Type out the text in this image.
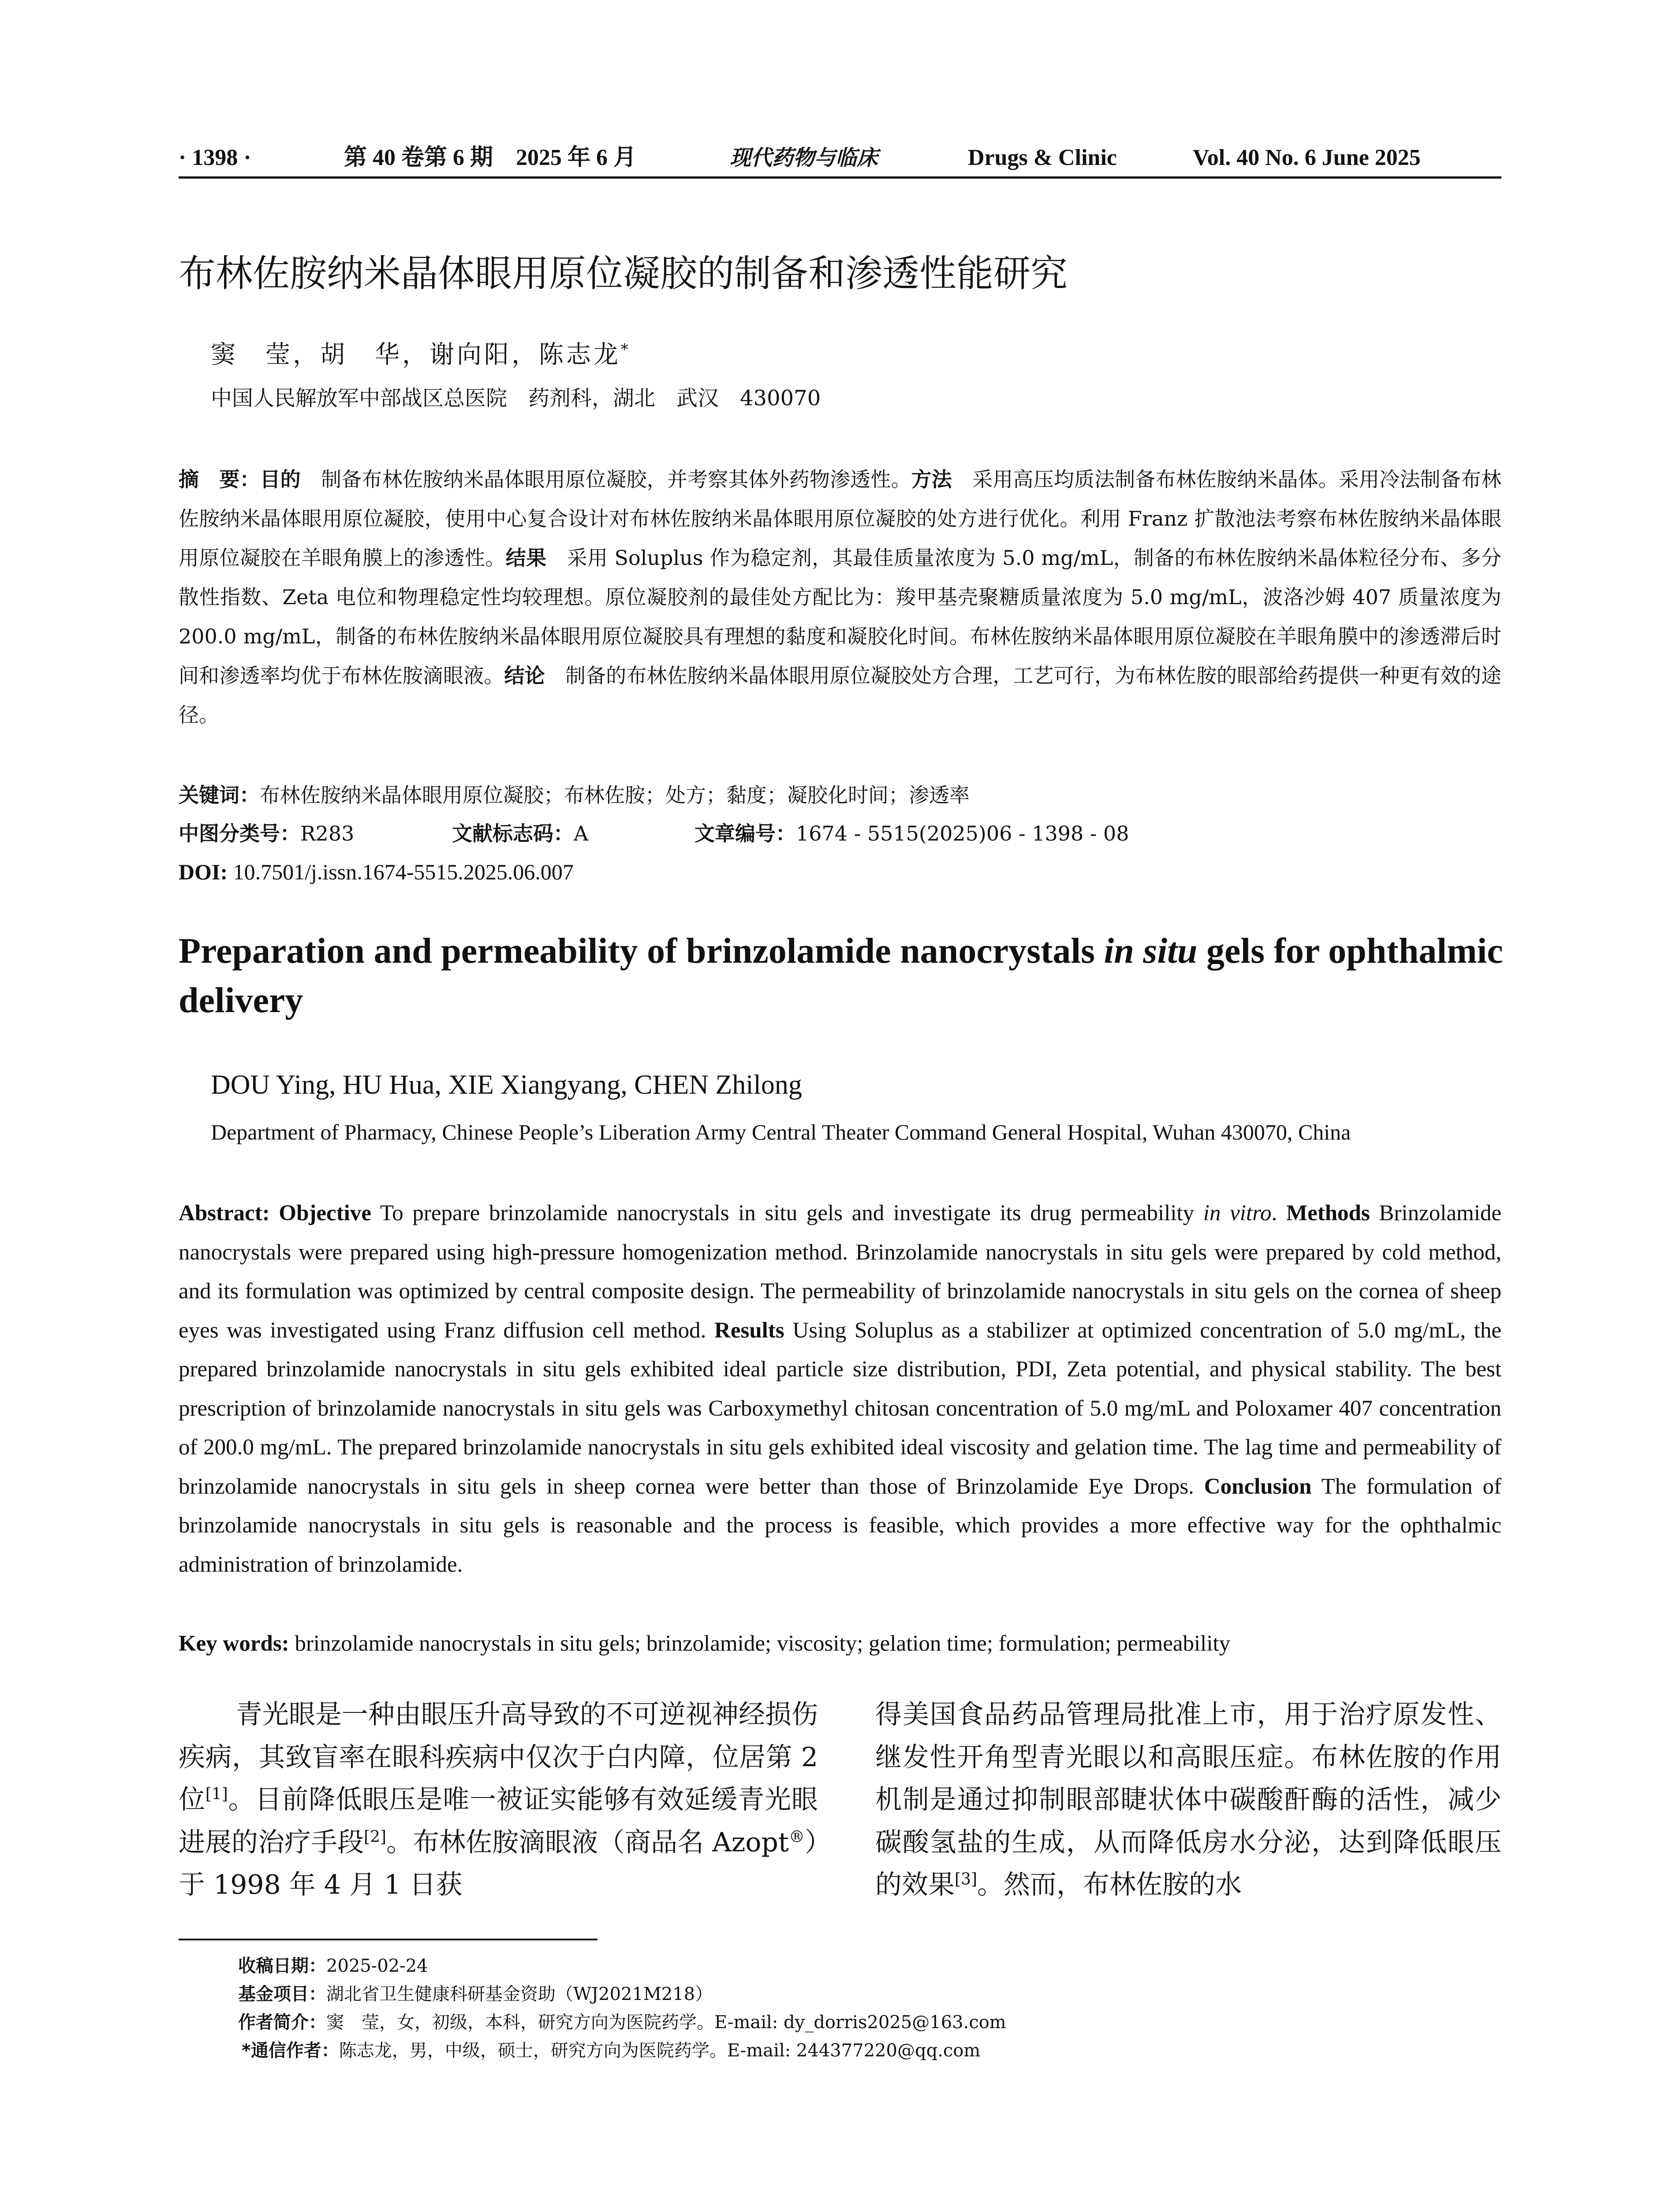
· 1398 ·	第 40 卷第 6 期　2025 年 6 月	现代药物与临床	Drugs & Clinic	Vol. 40 No. 6 June 2025
布林佐胺纳米晶体眼用原位凝胶的制备和渗透性能研究
窦　莹，胡　华，谢向阳，陈志龙*
中国人民解放军中部战区总医院　药剂科，湖北　武汉　430070
摘　要：目的　制备布林佐胺纳米晶体眼用原位凝胶，并考察其体外药物渗透性。方法　采用高压均质法制备布林佐胺纳米晶体。采用冷法制备布林佐胺纳米晶体眼用原位凝胶，使用中心复合设计对布林佐胺纳米晶体眼用原位凝胶的处方进行优化。利用 Franz 扩散池法考察布林佐胺纳米晶体眼用原位凝胶在羊眼角膜上的渗透性。结果　采用 Soluplus 作为稳定剂，其最佳质量浓度为 5.0 mg/mL，制备的布林佐胺纳米晶体粒径分布、多分散性指数、Zeta 电位和物理稳定性均较理想。原位凝胶剂的最佳处方配比为：羧甲基壳聚糖质量浓度为 5.0 mg/mL，波洛沙姆 407 质量浓度为 200.0 mg/mL，制备的布林佐胺纳米晶体眼用原位凝胶具有理想的黏度和凝胶化时间。布林佐胺纳米晶体眼用原位凝胶在羊眼角膜中的渗透滞后时间和渗透率均优于布林佐胺滴眼液。结论　制备的布林佐胺纳米晶体眼用原位凝胶处方合理，工艺可行，为布林佐胺的眼部给药提供一种更有效的途径。
关键词：布林佐胺纳米晶体眼用原位凝胶；布林佐胺；处方；黏度；凝胶化时间；渗透率
中图分类号：R283	文献标志码：A	文章编号：1674 - 5515(2025)06 - 1398 - 08
DOI: 10.7501/j.issn.1674-5515.2025.06.007
Preparation and permeability of brinzolamide nanocrystals in situ gels for ophthalmic delivery
DOU Ying, HU Hua, XIE Xiangyang, CHEN Zhilong
Department of Pharmacy, Chinese People’s Liberation Army Central Theater Command General Hospital, Wuhan 430070, China
Abstract: Objective To prepare brinzolamide nanocrystals in situ gels and investigate its drug permeability in vitro. Methods Brinzolamide nanocrystals were prepared using high-pressure homogenization method. Brinzolamide nanocrystals in situ gels were prepared by cold method, and its formulation was optimized by central composite design. The permeability of brinzolamide nanocrystals in situ gels on the cornea of sheep eyes was investigated using Franz diffusion cell method. Results Using Soluplus as a stabilizer at optimized concentration of 5.0 mg/mL, the prepared brinzolamide nanocrystals in situ gels exhibited ideal particle size distribution, PDI, Zeta potential, and physical stability. The best prescription of brinzolamide nanocrystals in situ gels was Carboxymethyl chitosan concentration of 5.0 mg/mL and Poloxamer 407 concentration of 200.0 mg/mL. The prepared brinzolamide nanocrystals in situ gels exhibited ideal viscosity and gelation time. The lag time and permeability of brinzolamide nanocrystals in situ gels in sheep cornea were better than those of Brinzolamide Eye Drops. Conclusion The formulation of brinzolamide nanocrystals in situ gels is reasonable and the process is feasible, which provides a more effective way for the ophthalmic administration of brinzolamide.
Key words: brinzolamide nanocrystals in situ gels; brinzolamide; viscosity; gelation time; formulation; permeability
青光眼是一种由眼压升高导致的不可逆视神经损伤疾病，其致盲率在眼科疾病中仅次于白内障，位居第 2 位[1]。目前降低眼压是唯一被证实能够有效延缓青光眼进展的治疗手段[2]。布林佐胺滴眼液（商品名 Azopt®）于 1998 年 4 月 1 日获
得美国食品药品管理局批准上市，用于治疗原发性、继发性开角型青光眼以和高眼压症。布林佐胺的作用机制是通过抑制眼部睫状体中碳酸酐酶的活性，减少碳酸氢盐的生成，从而降低房水分泌，达到降低眼压的效果[3]。然而，布林佐胺的水
收稿日期：2025-02-24
基金项目：湖北省卫生健康科研基金资助（WJ2021M218）
作者简介：窦　莹，女，初级，本科，研究方向为医院药学。E-mail: dy_dorris2025@163.com
*通信作者：陈志龙，男，中级，硕士，研究方向为医院药学。E-mail: 244377220@qq.com
